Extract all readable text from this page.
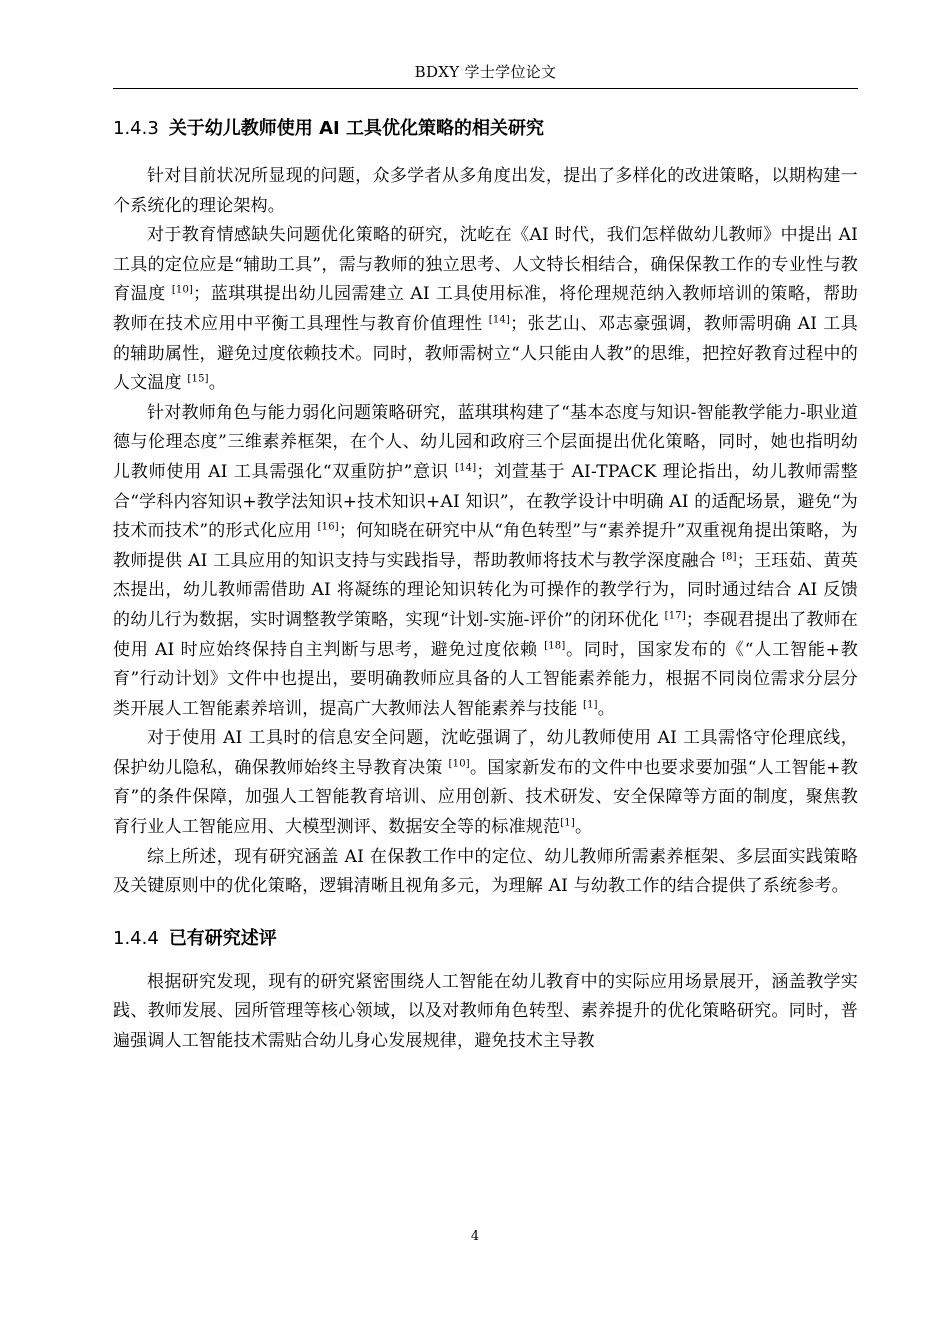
BDXY 学士学位论文
1.4.3 关于幼儿教师使用 AI 工具优化策略的相关研究

针对目前状况所显现的问题，众多学者从多角度出发，提出了多样化的改进策略，以期构建一个系统化的理论架构。

对于教育情感缺失问题优化策略的研究，沈屹在《AI 时代，我们怎样做幼儿教师》中提出 AI 工具的定位应是“辅助工具”，需与教师的独立思考、人文特长相结合，确保保教工作的专业性与教育温度 [10]；蓝琪琪提出幼儿园需建立 AI 工具使用标准，将伦理规范纳入教师培训的策略，帮助教师在技术应用中平衡工具理性与教育价值理性 [14]；张艺山、邓志豪强调，教师需明确 AI 工具的辅助属性，避免过度依赖技术。同时，教师需树立“人只能由人教”的思维，把控好教育过程中的人文温度 [15]。

针对教师角色与能力弱化问题策略研究，蓝琪琪构建了“基本态度与知识-智能教学能力-职业道德与伦理态度”三维素养框架，在个人、幼儿园和政府三个层面提出优化策略，同时，她也指明幼儿教师使用 AI 工具需强化“双重防护”意识 [14]；刘萱基于 AI-TPACK 理论指出，幼儿教师需整合“学科内容知识+教学法知识+技术知识+AI 知识”，在教学设计中明确 AI 的适配场景，避免“为技术而技术”的形式化应用 [16]；何知晓在研究中从“角色转型”与“素养提升”双重视角提出策略，为教师提供 AI 工具应用的知识支持与实践指导，帮助教师将技术与教学深度融合 [8]；王珏茹、黄英杰提出，幼儿教师需借助 AI 将凝练的理论知识转化为可操作的教学行为，同时通过结合 AI 反馈的幼儿行为数据，实时调整教学策略，实现“计划-实施-评价”的闭环优化 [17]；李砚君提出了教师在使用 AI 时应始终保持自主判断与思考，避免过度依赖 [18]。同时，国家发布的《“人工智能+教育”行动计划》文件中也提出，要明确教师应具备的人工智能素养能力，根据不同岗位需求分层分类开展人工智能素养培训，提高广大教师法人智能素养与技能 [1]。

对于使用 AI 工具时的信息安全问题，沈屹强调了，幼儿教师使用 AI 工具需恪守伦理底线，保护幼儿隐私，确保教师始终主导教育决策 [10]。国家新发布的文件中也要求要加强“人工智能+教育”的条件保障，加强人工智能教育培训、应用创新、技术研发、安全保障等方面的制度，聚焦教育行业人工智能应用、大模型测评、数据安全等的标准规范[1]。

综上所述，现有研究涵盖 AI 在保教工作中的定位、幼儿教师所需素养框架、多层面实践策略及关键原则中的优化策略，逻辑清晰且视角多元，为理解 AI 与幼教工作的结合提供了系统参考。

1.4.4 已有研究述评

根据研究发现，现有的研究紧密围绕人工智能在幼儿教育中的实际应用场景展开，涵盖教学实践、教师发展、园所管理等核心领域，以及对教师角色转型、素养提升的优化策略研究。同时，普遍强调人工智能技术需贴合幼儿身心发展规律，避免技术主导教

4
